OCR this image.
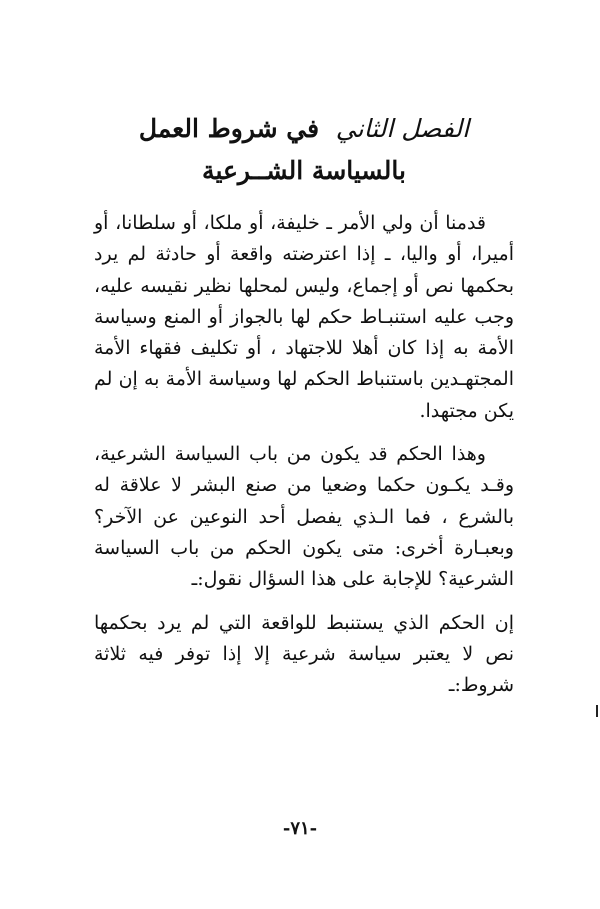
الفصل الثاني في شروط العمل
بالسياسة الشــرعية

قدمنا أن ولي الأمر ـ خليفة، أو ملكا، أو سلطانا، أو أميرا، أو واليا، ـ إذا اعترضته واقعة أو حادثة لم يرد بحكمها نص أو إجماع، وليس لمحلها نظير نقيسه عليه، وجب عليه استنبـاط حكم لها بالجواز أو المنع وسياسة الأمة به إذا كان أهلا للاجتهاد ، أو تكليف فقهاء الأمة المجتهـدين باستنباط الحكم لها وسياسة الأمة به إن لم يكن مجتهدا.

وهذا الحكم قد يكون من باب السياسة الشرعية، وقـد يكـون حكما وضعيا من صنع البشر لا علاقة له بالشرع ، فما الـذي يفصل أحد النوعين عن الآخر؟ وبعبـارة أخرى: متى يكون الحكم من باب السياسة الشرعية؟ للإجابة على هذا السؤال نقول:ـ

إن الحكم الذي يستنبط للواقعة التي لم يرد بحكمها نص لا يعتبر سياسة شرعية إلا إذا توفر فيه ثلاثة شروط:ـ

-٧١-
